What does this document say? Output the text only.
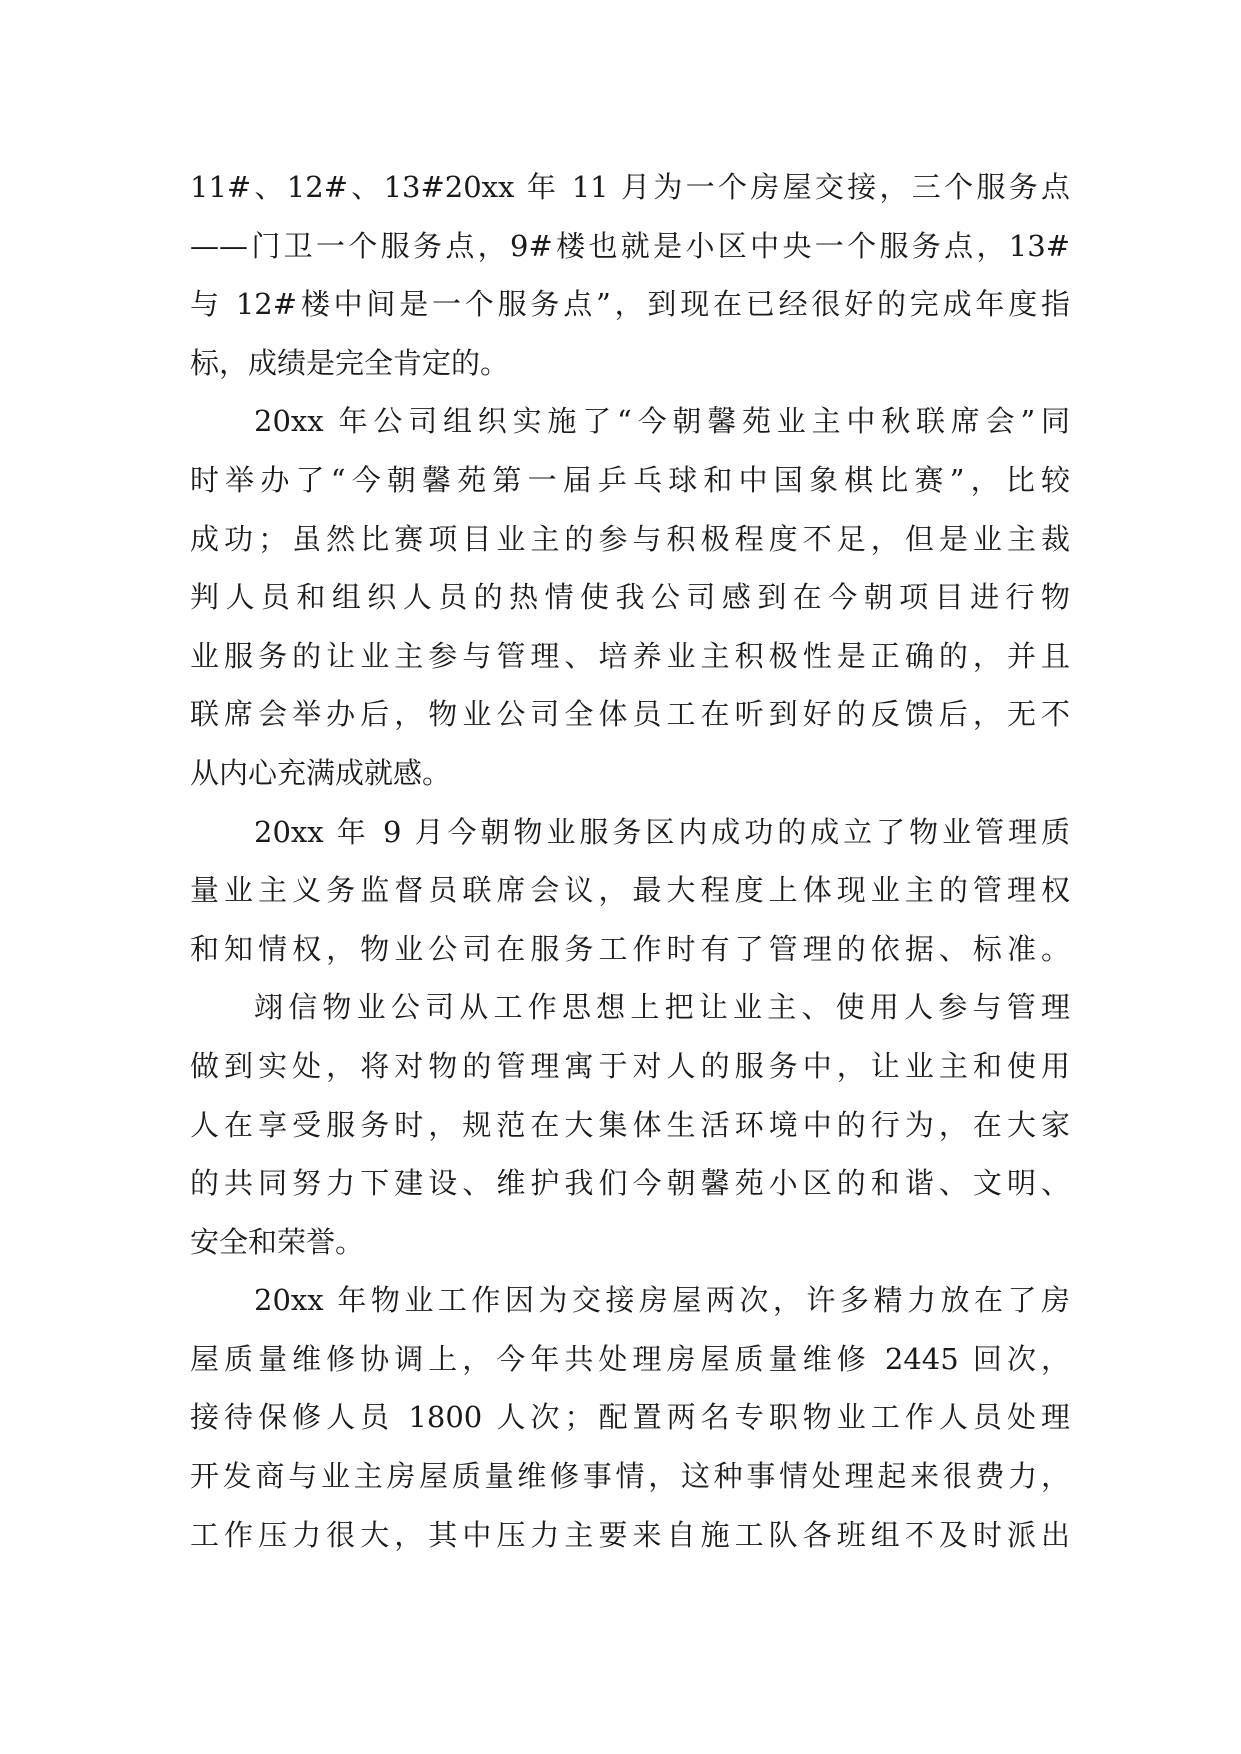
11#、12#、13#20xx 年 11 月为一个房屋交接，三个服务点
——门卫一个服务点，9#楼也就是小区中央一个服务点，13#
与 12#楼中间是一个服务点”，到现在已经很好的完成年度指
标，成绩是完全肯定的。
20xx 年公司组织实施了“今朝馨苑业主中秋联席会”同
时举办了“今朝馨苑第一届乒乓球和中国象棋比赛”，比较
成功；虽然比赛项目业主的参与积极程度不足，但是业主裁
判人员和组织人员的热情使我公司感到在今朝项目进行物
业服务的让业主参与管理、培养业主积极性是正确的，并且
联席会举办后，物业公司全体员工在听到好的反馈后，无不
从内心充满成就感。
20xx 年 9 月今朝物业服务区内成功的成立了物业管理质
量业主义务监督员联席会议，最大程度上体现业主的管理权
和知情权，物业公司在服务工作时有了管理的依据、标准。
翊信物业公司从工作思想上把让业主、使用人参与管理
做到实处，将对物的管理寓于对人的服务中，让业主和使用
人在享受服务时，规范在大集体生活环境中的行为，在大家
的共同努力下建设、维护我们今朝馨苑小区的和谐、文明、
安全和荣誉。
20xx 年物业工作因为交接房屋两次，许多精力放在了房
屋质量维修协调上，今年共处理房屋质量维修 2445 回次，
接待保修人员 1800 人次；配置两名专职物业工作人员处理
开发商与业主房屋质量维修事情，这种事情处理起来很费力，
工作压力很大，其中压力主要来自施工队各班组不及时派出
